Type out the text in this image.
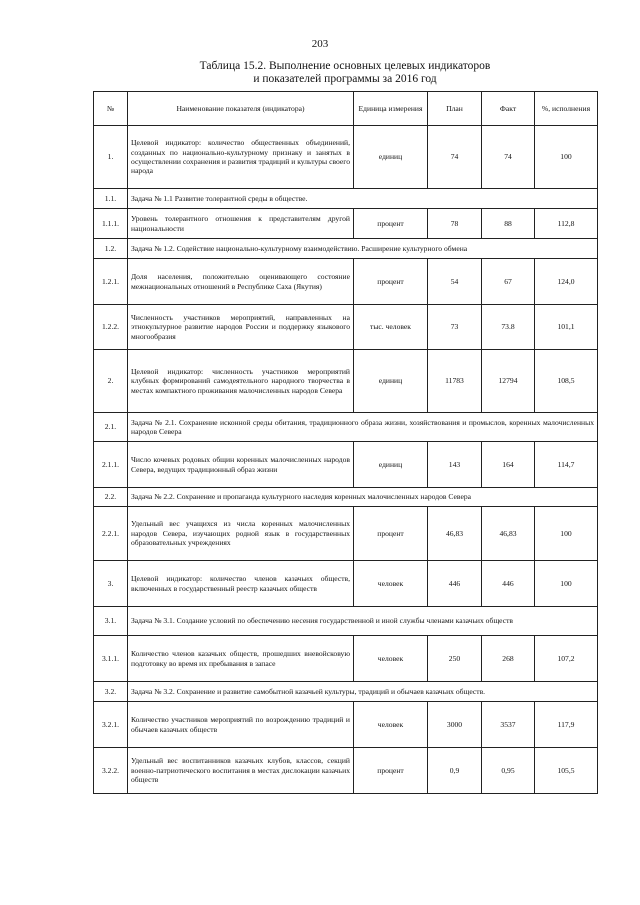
203
Таблица 15.2. Выполнение основных целевых индикаторов
и показателей программы за 2016 год
№	Наименование показателя (индикатора)	Единица измерения	План	Факт	%, исполнения
1.	Целевой индикатор: количество общественных объединений, созданных по национально-культурному признаку и занятых в осуществлении сохранения и развития традиций и культуры своего народа	единиц	74	74	100
1.1.	Задача № 1.1 Развитие толерантной среды в обществе.				
1.1.1.	Уровень толерантного отношения к представителям другой национальности	процент	78	88	112,8
1.2.	Задача № 1.2. Содействие национально-культурному взаимодействию. Расширение культурного обмена				
1.2.1.	Доля населения, положительно оценивающего состояние межнациональных отношений в Республике Саха (Якутия)	процент	54	67	124,0
1.2.2.	Численность участников мероприятий, направленных на этнокультурное развитие народов России и поддержку языкового многообразия	тыс. человек	73	73.8	101,1
2.	Целевой индикатор: численность участников мероприятий клубных формирований самодеятельного народного творчества в местах компактного проживания малочисленных народов Севера	единиц	11783	12794	108,5
2.1.	Задача № 2.1. Сохранение исконной среды обитания, традиционного образа жизни, хозяйствования и промыслов, коренных малочисленных народов Севера				
2.1.1.	Число кочевых родовых общин коренных малочисленных народов Севера, ведущих традиционный образ жизни	единиц	143	164	114,7
2.2.	Задача № 2.2. Сохранение и пропаганда культурного наследия коренных малочисленных народов Севера				
2.2.1.	Удельный вес учащихся из числа коренных малочисленных народов Севера, изучающих родной язык в государственных образовательных учреждениях	процент	46,83	46,83	100
3.	Целевой индикатор: количество членов казачьих обществ, включенных в государственный реестр казачьих обществ	человек	446	446	100
3.1.	Задача № 3.1. Создание условий по обеспечению несения государственной и иной службы членами казачьих обществ				
3.1.1.	Количество членов казачьих обществ, прошедших вневойсковую подготовку во время их пребывания в запасе	человек	250	268	107,2
3.2.	Задача № 3.2. Сохранение и развитие самобытной казачьей культуры, традиций и обычаев казачьих обществ.				
3.2.1.	Количество участников мероприятий по возрождению традиций и обычаев казачьих обществ	человек	3000	3537	117,9
3.2.2.	Удельный вес воспитанников казачьих клубов, классов, секций военно-патриотического воспитания в местах дислокации казачьих обществ	процент	0,9	0,95	105,5
